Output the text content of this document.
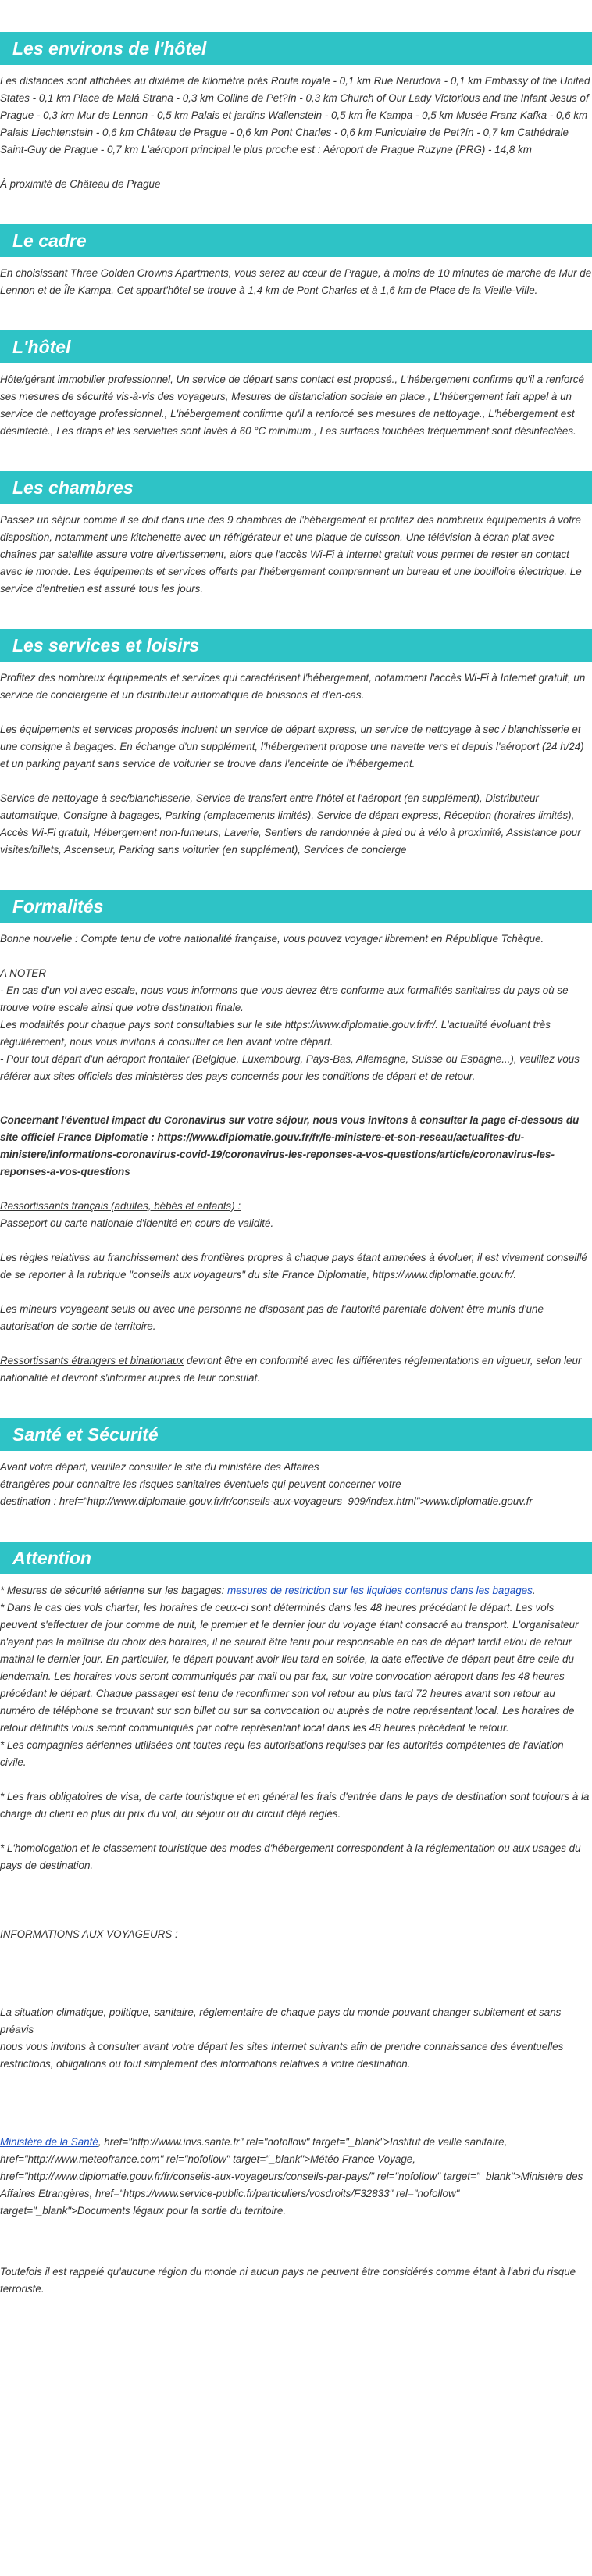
Les environs de l'hôtel

Les distances sont affichées au dixième de kilomètre près Route royale - 0,1 km Rue Nerudova - 0,1 km Embassy of the United States - 0,1 km Place de Malá Strana - 0,3 km Colline de Pet?ín - 0,3 km Church of Our Lady Victorious and the Infant Jesus of Prague - 0,3 km Mur de Lennon - 0,5 km Palais et jardins Wallenstein - 0,5 km Île Kampa - 0,5 km Musée Franz Kafka - 0,6 km Palais Liechtenstein - 0,6 km Château de Prague - 0,6 km Pont Charles - 0,6 km Funiculaire de Pet?ín - 0,7 km Cathédrale Saint-Guy de Prague - 0,7 km L'aéroport principal le plus proche est : Aéroport de Prague Ruzyne (PRG) - 14,8 km

À proximité de Château de Prague

Le cadre

En choisissant Three Golden Crowns Apartments, vous serez au cœur de Prague, à moins de 10 minutes de marche de Mur de Lennon et de Île Kampa. Cet appart'hôtel se trouve à 1,4 km de Pont Charles et à 1,6 km de Place de la Vieille-Ville.

L'hôtel

Hôte/gérant immobilier professionnel, Un service de départ sans contact est proposé., L'hébergement confirme qu'il a renforcé ses mesures de sécurité vis-à-vis des voyageurs, Mesures de distanciation sociale en place., L'hébergement fait appel à un service de nettoyage professionnel., L'hébergement confirme qu'il a renforcé ses mesures de nettoyage., L'hébergement est désinfecté., Les draps et les serviettes sont lavés à 60 °C minimum., Les surfaces touchées fréquemment sont désinfectées.

Les chambres

Passez un séjour comme il se doit dans une des 9 chambres de l'hébergement et profitez des nombreux équipements à votre disposition, notamment une kitchenette avec un réfrigérateur et une plaque de cuisson. Une télévision à écran plat avec chaînes par satellite assure votre divertissement, alors que l'accès Wi-Fi à Internet gratuit vous permet de rester en contact avec le monde. Les équipements et services offerts par l'hébergement comprennent un bureau et une bouilloire électrique. Le service d'entretien est assuré tous les jours.

Les services et loisirs

Profitez des nombreux équipements et services qui caractérisent l'hébergement, notamment l'accès Wi-Fi à Internet gratuit, un service de conciergerie et un distributeur automatique de boissons et d'en-cas.

Les équipements et services proposés incluent un service de départ express, un service de nettoyage à sec / blanchisserie et une consigne à bagages. En échange d'un supplément, l'hébergement propose une navette vers et depuis l'aéroport (24 h/24) et un parking payant sans service de voiturier se trouve dans l'enceinte de l'hébergement.

Service de nettoyage à sec/blanchisserie, Service de transfert entre l'hôtel et l'aéroport (en supplément), Distributeur automatique, Consigne à bagages, Parking (emplacements limités), Service de départ express, Réception (horaires limités), Accès Wi-Fi gratuit, Hébergement non-fumeurs, Laverie, Sentiers de randonnée à pied ou à vélo à proximité, Assistance pour visites/billets, Ascenseur, Parking sans voiturier (en supplément), Services de concierge

Formalités

Bonne nouvelle : Compte tenu de votre nationalité française, vous pouvez voyager librement en République Tchèque.

A NOTER

- En cas d'un vol avec escale, nous vous informons que vous devrez être conforme aux formalités sanitaires du pays où se trouve votre escale ainsi que votre destination finale.

Les modalités pour chaque pays sont consultables sur le site https://www.diplomatie.gouv.fr/fr/. L'actualité évoluant très régulièrement, nous vous invitons à consulter ce lien avant votre départ.

- Pour tout départ d'un aéroport frontalier (Belgique, Luxembourg, Pays-Bas, Allemagne, Suisse ou Espagne...), veuillez vous référer aux sites officiels des ministères des pays concernés pour les conditions de départ et de retour.

Concernant l'éventuel impact du Coronavirus sur votre séjour, nous vous invitons à consulter la page ci-dessous du site officiel France Diplomatie : https://www.diplomatie.gouv.fr/fr/le-ministere-et-son-reseau/actualites-du-ministere/informations-coronavirus-covid-19/coronavirus-les-reponses-a-vos-questions/article/coronavirus-les-reponses-a-vos-questions

Ressortissants français (adultes, bébés et enfants) :

Passeport ou carte nationale d'identité en cours de validité.

Les règles relatives au franchissement des frontières propres à chaque pays étant amenées à évoluer, il est vivement conseillé de se reporter à la rubrique "conseils aux voyageurs" du site France Diplomatie, https://www.diplomatie.gouv.fr/.

Les mineurs voyageant seuls ou avec une personne ne disposant pas de l'autorité parentale doivent être munis d'une autorisation de sortie de territoire.

Ressortissants étrangers et binationaux devront être en conformité avec les différentes réglementations en vigueur, selon leur nationalité et devront s'informer auprès de leur consulat.

Santé et Sécurité

Avant votre départ, veuillez consulter le site du ministère des Affaires

étrangères pour connaître les risques sanitaires éventuels qui peuvent concerner votre

destination : href="http://www.diplomatie.gouv.fr/fr/conseils-aux-voyageurs_909/index.html">www.diplomatie.gouv.fr

Attention

* Mesures de sécurité aérienne sur les bagages: mesures de restriction sur les liquides contenus dans les bagages.

* Dans le cas des vols charter, les horaires de ceux-ci sont déterminés dans les 48 heures précédant le départ. Les vols peuvent s'effectuer de jour comme de nuit, le premier et le dernier jour du voyage étant consacré au transport. L'organisateur n'ayant pas la maîtrise du choix des horaires, il ne saurait être tenu pour responsable en cas de départ tardif et/ou de retour matinal le dernier jour. En particulier, le départ pouvant avoir lieu tard en soirée, la date effective de départ peut être celle du lendemain. Les horaires vous seront communiqués par mail ou par fax, sur votre convocation aéroport dans les 48 heures précédant le départ. Chaque passager est tenu de reconfirmer son vol retour au plus tard 72 heures avant son retour au numéro de téléphone se trouvant sur son billet ou sur sa convocation ou auprès de notre représentant local. Les horaires de retour définitifs vous seront communiqués par notre représentant local dans les 48 heures précédant le retour.

* Les compagnies aériennes utilisées ont toutes reçu les autorisations requises par les autorités compétentes de l'aviation civile.

* Les frais obligatoires de visa, de carte touristique et en général les frais d'entrée dans le pays de destination sont toujours à la charge du client en plus du prix du vol, du séjour ou du circuit déjà réglés.

* L'homologation et le classement touristique des modes d'hébergement correspondent à la réglementation ou aux usages du pays de destination.

INFORMATIONS AUX VOYAGEURS :

La situation climatique, politique, sanitaire, réglementaire de chaque pays du monde pouvant changer subitement et sans préavis

nous vous invitons à consulter avant votre départ les sites Internet suivants afin de prendre connaissance des éventuelles restrictions, obligations ou tout simplement des informations relatives à votre destination.

Ministère de la Santé, href="http://www.invs.sante.fr" rel="nofollow" target="_blank">Institut de veille sanitaire, href="http://www.meteofrance.com" rel="nofollow" target="_blank">Météo France Voyage, href="http://www.diplomatie.gouv.fr/fr/conseils-aux-voyageurs/conseils-par-pays/" rel="nofollow" target="_blank">Ministère des Affaires Etrangères, href="https://www.service-public.fr/particuliers/vosdroits/F32833" rel="nofollow" target="_blank">Documents légaux pour la sortie du territoire.

Toutefois il est rappelé qu'aucune région du monde ni aucun pays ne peuvent être considérés comme étant à l'abri du risque terroriste.
